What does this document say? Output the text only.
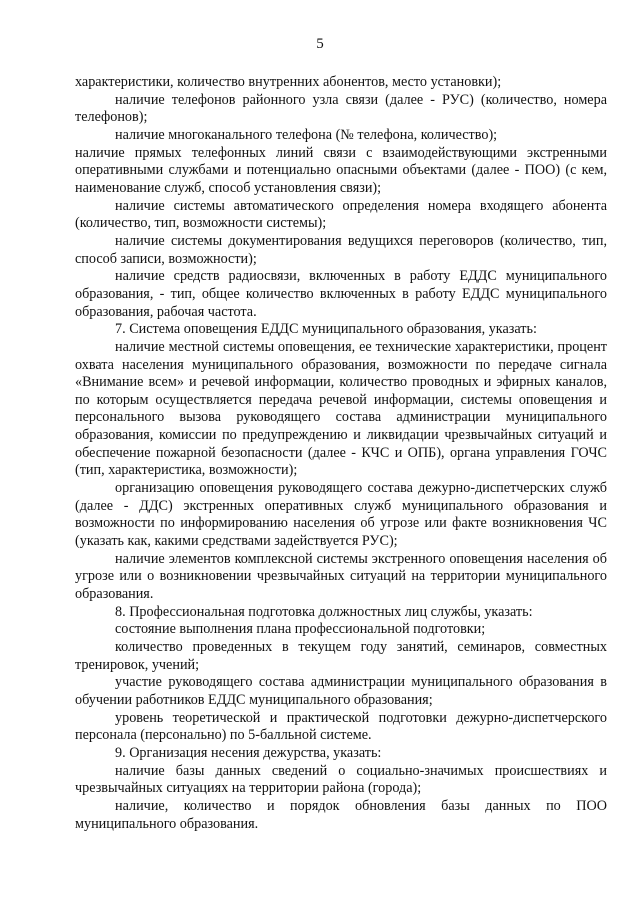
5

характеристики, количество внутренних абонентов, место установки);

наличие телефонов районного узла связи (далее - РУС) (количество, номера телефонов);

наличие многоканального телефона (№ телефона, количество);

наличие прямых телефонных линий связи с взаимодействующими экстренными оперативными службами и потенциально опасными объектами (далее - ПОО) (с кем, наименование служб, способ установления связи);

наличие системы автоматического определения номера входящего абонента (количество, тип, возможности системы);

наличие системы документирования ведущихся переговоров (количество, тип, способ записи, возможности);

наличие средств радиосвязи, включенных в работу ЕДДС муниципального образования, - тип, общее количество включенных в работу ЕДДС муниципального образования, рабочая частота.

7. Система оповещения ЕДДС муниципального образования, указать:

наличие местной системы оповещения, ее технические характеристики, процент охвата населения муниципального образования, возможности по передаче сигнала «Внимание всем» и речевой информации, количество проводных и эфирных каналов, по которым осуществляется передача речевой информации, системы оповещения и персонального вызова руководящего состава администрации муниципального образования, комиссии по предупреждению и ликвидации чрезвычайных ситуаций и обеспечение пожарной безопасности (далее - КЧС и ОПБ), органа управления ГОЧС (тип, характеристика, возможности);

организацию оповещения руководящего состава дежурно-диспетчерских служб (далее - ДДС) экстренных оперативных служб муниципального образования и возможности по информированию населения об угрозе или факте возникновения ЧС (указать как, какими средствами задействуется РУС);

наличие элементов комплексной системы экстренного оповещения населения об угрозе или о возникновении чрезвычайных ситуаций на территории муниципального образования.

8. Профессиональная подготовка должностных лиц службы, указать:

состояние выполнения плана профессиональной подготовки;

количество проведенных в текущем году занятий, семинаров, совместных тренировок, учений;

участие руководящего состава администрации муниципального образования в обучении работников ЕДДС муниципального образования;

уровень теоретической и практической подготовки дежурно-диспетчерского персонала (персонально) по 5-балльной системе.

9. Организация несения дежурства, указать:

наличие базы данных сведений о социально-значимых происшествиях и чрезвычайных ситуациях на территории района (города);

наличие, количество и порядок обновления базы данных по ПОО муниципального образования.
